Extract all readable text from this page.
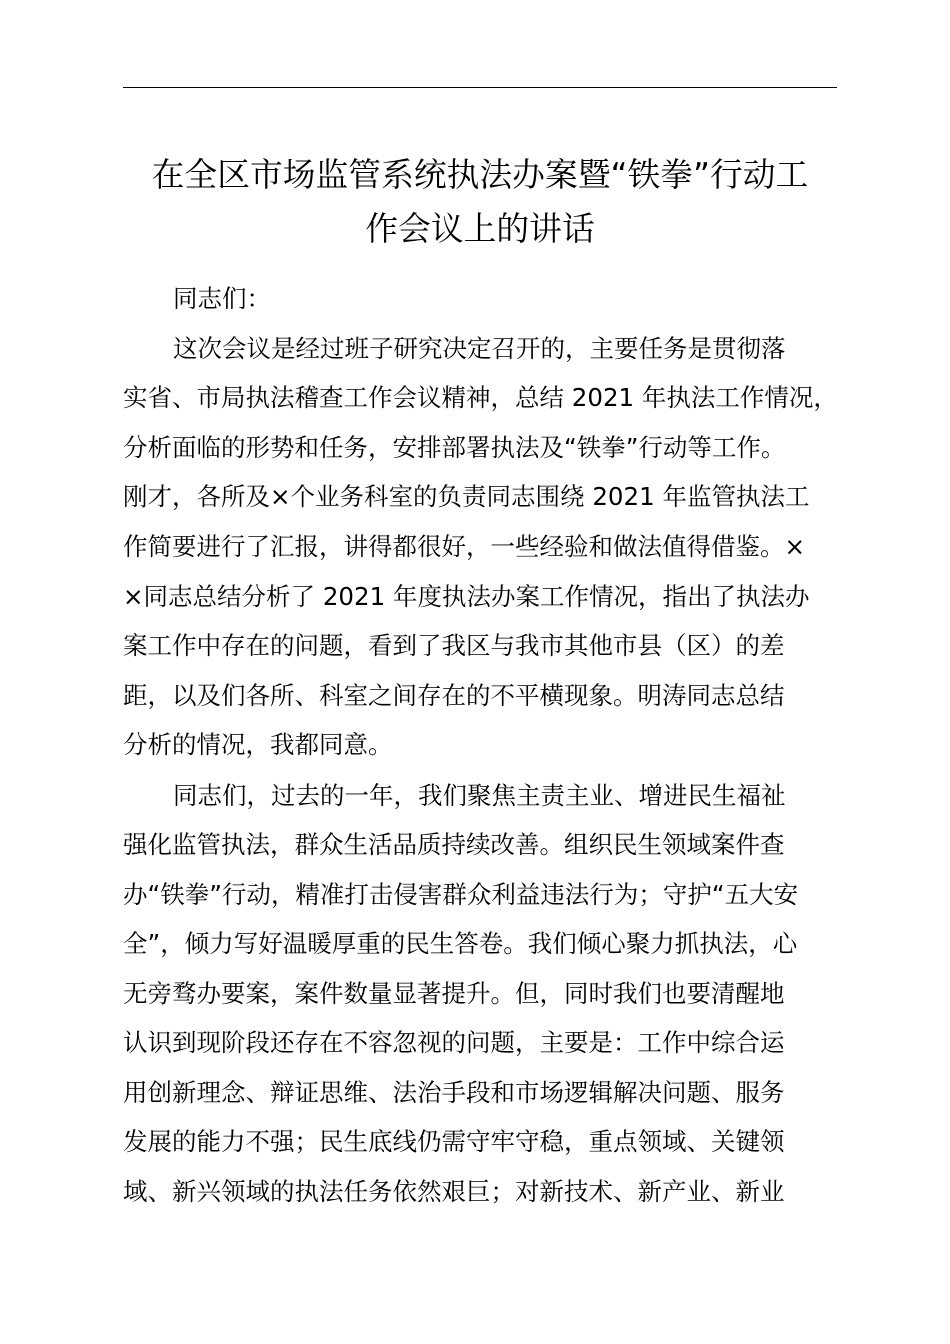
在全区市场监管系统执法办案暨“铁拳”行动工
作会议上的讲话
同志们：
这次会议是经过班子研究决定召开的，主要任务是贯彻落
实省、市局执法稽查工作会议精神，总结 2021 年执法工作情况，
分析面临的形势和任务，安排部署执法及“铁拳”行动等工作。
刚才，各所及×个业务科室的负责同志围绕 2021 年监管执法工
作简要进行了汇报，讲得都很好，一些经验和做法值得借鉴。×
×同志总结分析了 2021 年度执法办案工作情况，指出了执法办
案工作中存在的问题，看到了我区与我市其他市县（区）的差
距，以及们各所、科室之间存在的不平横现象。明涛同志总结
分析的情况，我都同意。
同志们，过去的一年，我们聚焦主责主业、增进民生福祉
强化监管执法，群众生活品质持续改善。组织民生领域案件查
办“铁拳”行动，精准打击侵害群众利益违法行为；守护“五大安
全”，倾力写好温暖厚重的民生答卷。我们倾心聚力抓执法，心
无旁骛办要案，案件数量显著提升。但，同时我们也要清醒地
认识到现阶段还存在不容忽视的问题，主要是：工作中综合运
用创新理念、辩证思维、法治手段和市场逻辑解决问题、服务
发展的能力不强；民生底线仍需守牢守稳，重点领域、关键领
域、新兴领域的执法任务依然艰巨；对新技术、新产业、新业
